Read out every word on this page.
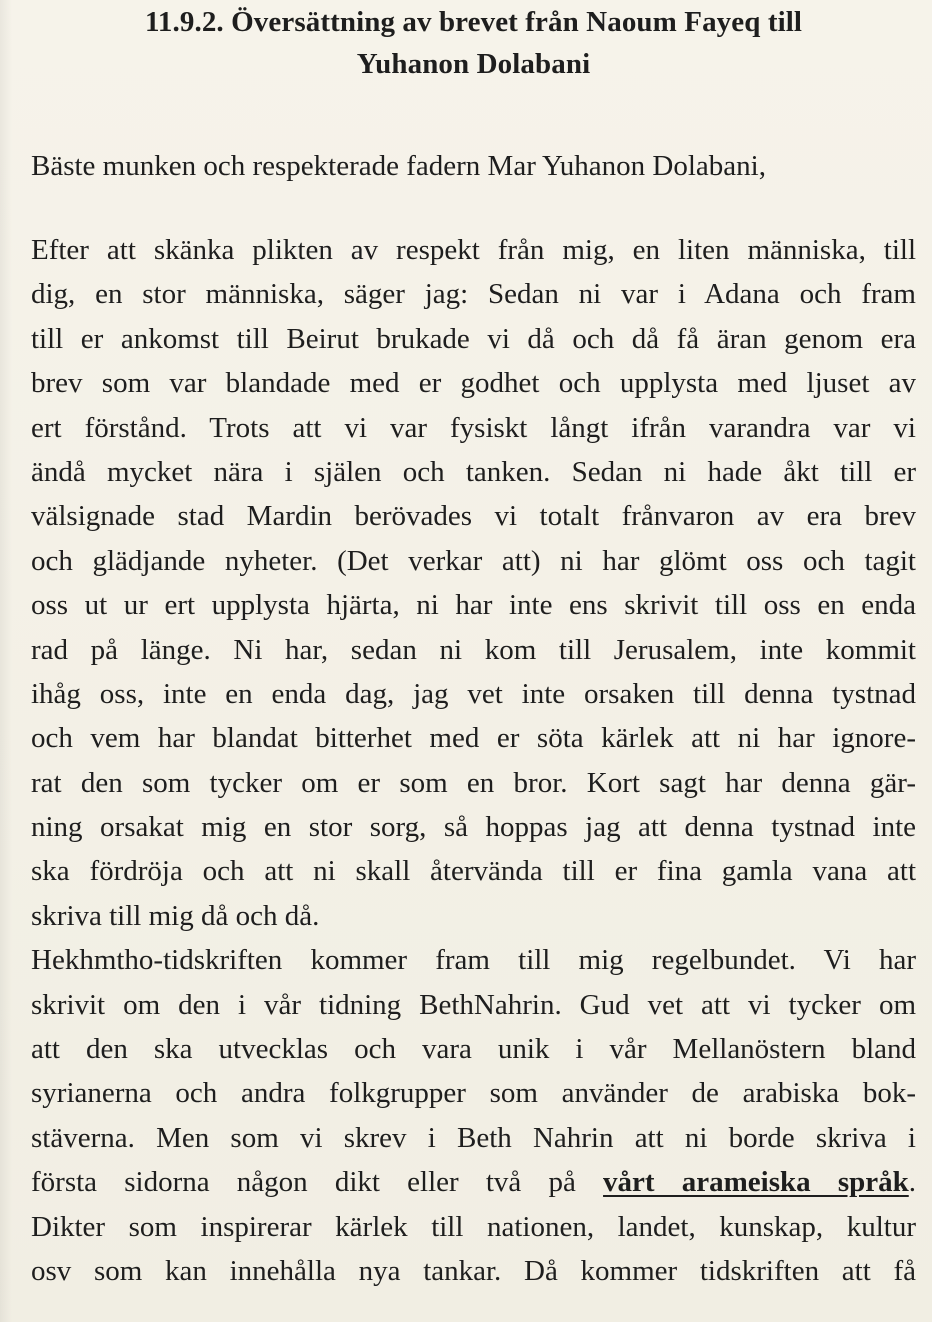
11.9.2. Översättning av brevet från Naoum Fayeq till
Yuhanon Dolabani

Bäste munken och respekterade fadern Mar Yuhanon Dolabani,

Efter att skänka plikten av respekt från mig, en liten människa, till
dig, en stor människa, säger jag: Sedan ni var i Adana och fram
till er ankomst till Beirut brukade vi då och då få äran genom era
brev som var blandade med er godhet och upplysta med ljuset av
ert förstånd. Trots att vi var fysiskt långt ifrån varandra var vi
ändå mycket nära i själen och tanken. Sedan ni hade åkt till er
välsignade stad Mardin berövades vi totalt frånvaron av era brev
och glädjande nyheter. (Det verkar att) ni har glömt oss och tagit
oss ut ur ert upplysta hjärta, ni har inte ens skrivit till oss en enda
rad på länge. Ni har, sedan ni kom till Jerusalem, inte kommit
ihåg oss, inte en enda dag, jag vet inte orsaken till denna tystnad
och vem har blandat bitterhet med er söta kärlek att ni har ignore-
rat den som tycker om er som en bror. Kort sagt har denna gär-
ning orsakat mig en stor sorg, så hoppas jag att denna tystnad inte
ska fördröja och att ni skall återvända till er fina gamla vana att
skriva till mig då och då.
Hekhmtho-tidskriften kommer fram till mig regelbundet. Vi har
skrivit om den i vår tidning BethNahrin. Gud vet att vi tycker om
att den ska utvecklas och vara unik i vår Mellanöstern bland
syrianerna och andra folkgrupper som använder de arabiska bok-
stäverna. Men som vi skrev i Beth Nahrin att ni borde skriva i
första sidorna någon dikt eller två på vårt arameiska språk.
Dikter som inspirerar kärlek till nationen, landet, kunskap, kultur
osv som kan innehålla nya tankar. Då kommer tidskriften att få
